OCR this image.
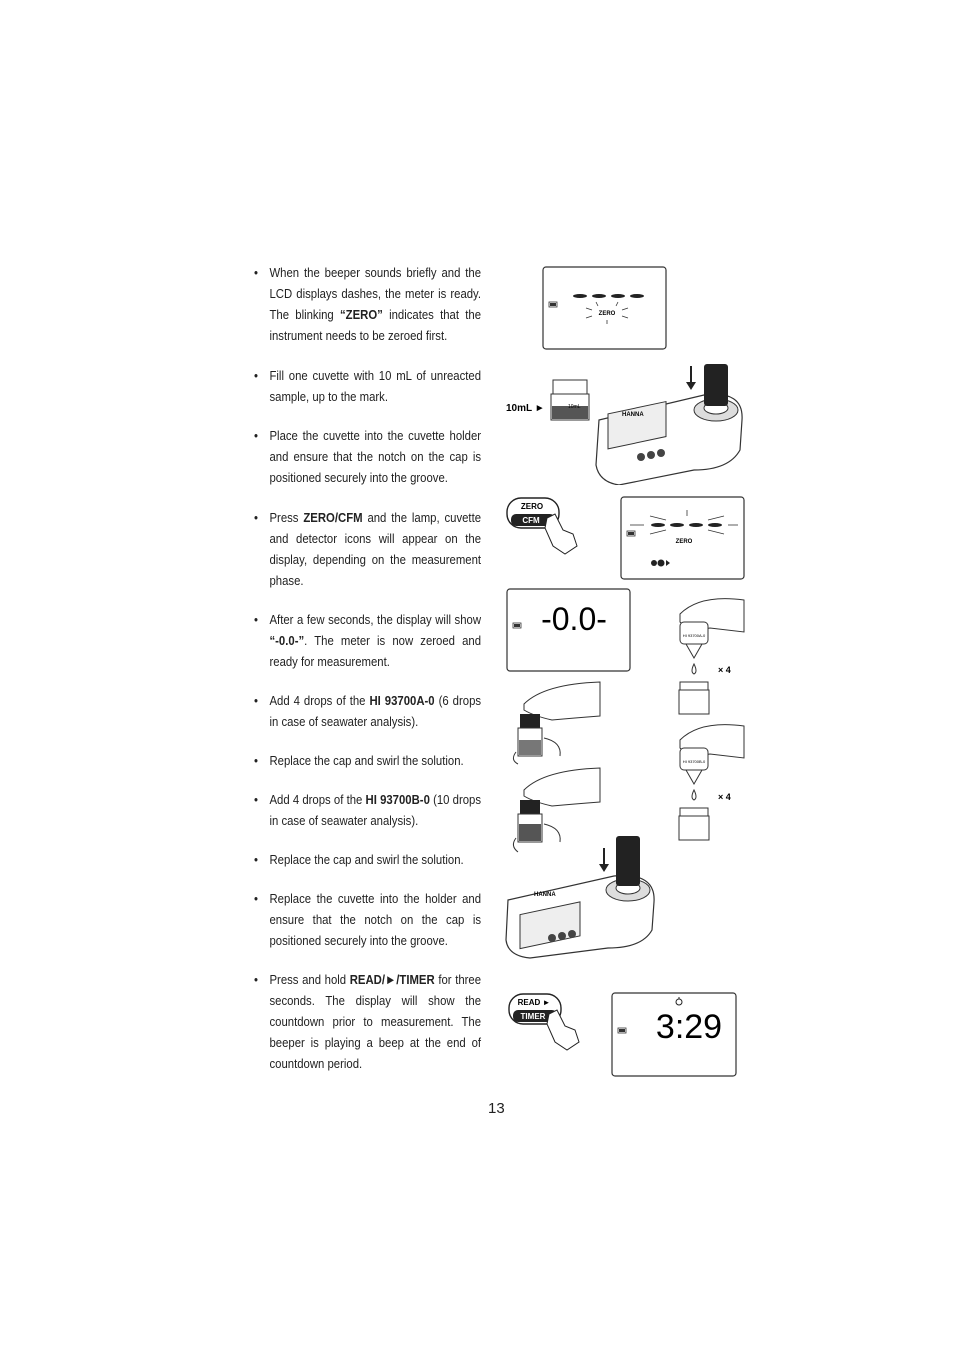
• When the beeper sounds briefly and the LCD displays dashes, the meter is ready. The blinking “ZERO” indicates that the instrument needs to be zeroed first.
• Fill one cuvette with 10 mL of unreacted sample, up to the mark.
• Place the cuvette into the cuvette holder and ensure that the notch on the cap is positioned securely into the groove.
• Press ZERO/CFM and the lamp, cuvette and detector icons will appear on the display, depending on the measurement phase.
• After a few seconds, the display will show “-0.0-”. The meter is now zeroed and ready for measurement.
• Add 4 drops of the HI 93700A-0 (6 drops in case of seawater analysis).
• Replace the cap and swirl the solution.
• Add 4 drops of the HI 93700B-0 (10 drops in case of seawater analysis).
• Replace the cap and swirl the solution.
• Replace the cuvette into the holder and ensure that the notch on the cap is positioned securely into the groove.
• Press and hold READ/►/TIMER for three seconds. The display will show the countdown prior to measurement. The beeper is playing a beep at the end of countdown period.
13
ZERO
10mL ►	10mL
HANNA
ZERO
CFM
ZERO
-0.0-	HI 93700A-0
× 4
HI 93700B-0
× 4
HANNA
READ ►
TIMER	3:29
